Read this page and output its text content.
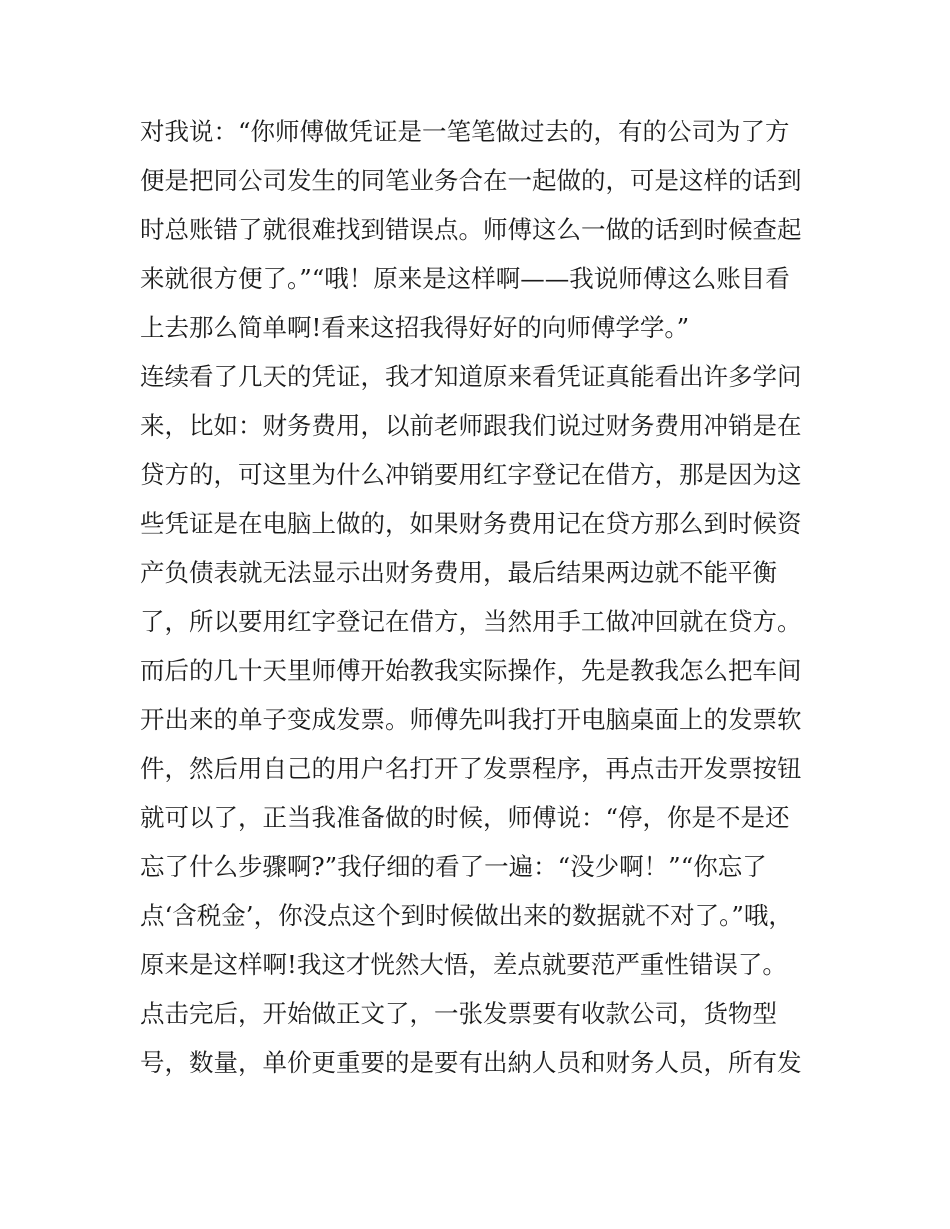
对我说：“你师傅做凭证是一笔笔做过去的，有的公司为了方
便是把同公司发生的同笔业务合在一起做的，可是这样的话到
时总账错了就很难找到错误点。师傅这么一做的话到时候查起
来就很方便了。”“哦！原来是这样啊——我说师傅这么账目看
上去那么简单啊!看来这招我得好好的向师傅学学。”
连续看了几天的凭证，我才知道原来看凭证真能看出许多学问
来，比如：财务费用，以前老师跟我们说过财务费用冲销是在
贷方的，可这里为什么冲销要用红字登记在借方，那是因为这
些凭证是在电脑上做的，如果财务费用记在贷方那么到时候资
产负债表就无法显示出财务费用，最后结果两边就不能平衡
了，所以要用红字登记在借方，当然用手工做冲回就在贷方。
而后的几十天里师傅开始教我实际操作，先是教我怎么把车间
开出来的单子变成发票。师傅先叫我打开电脑桌面上的发票软
件，然后用自己的用户名打开了发票程序，再点击开发票按钮
就可以了，正当我准备做的时候，师傅说：“停，你是不是还
忘了什么步骤啊?”我仔细的看了一遍：“没少啊！”“你忘了
点‘含税金’，你没点这个到时候做出来的数据就不对了。”哦，
原来是这样啊!我这才恍然大悟，差点就要范严重性错误了。
点击完后，开始做正文了，一张发票要有收款公司，货物型
号，数量，单价更重要的是要有出納人员和财务人员，所有发
